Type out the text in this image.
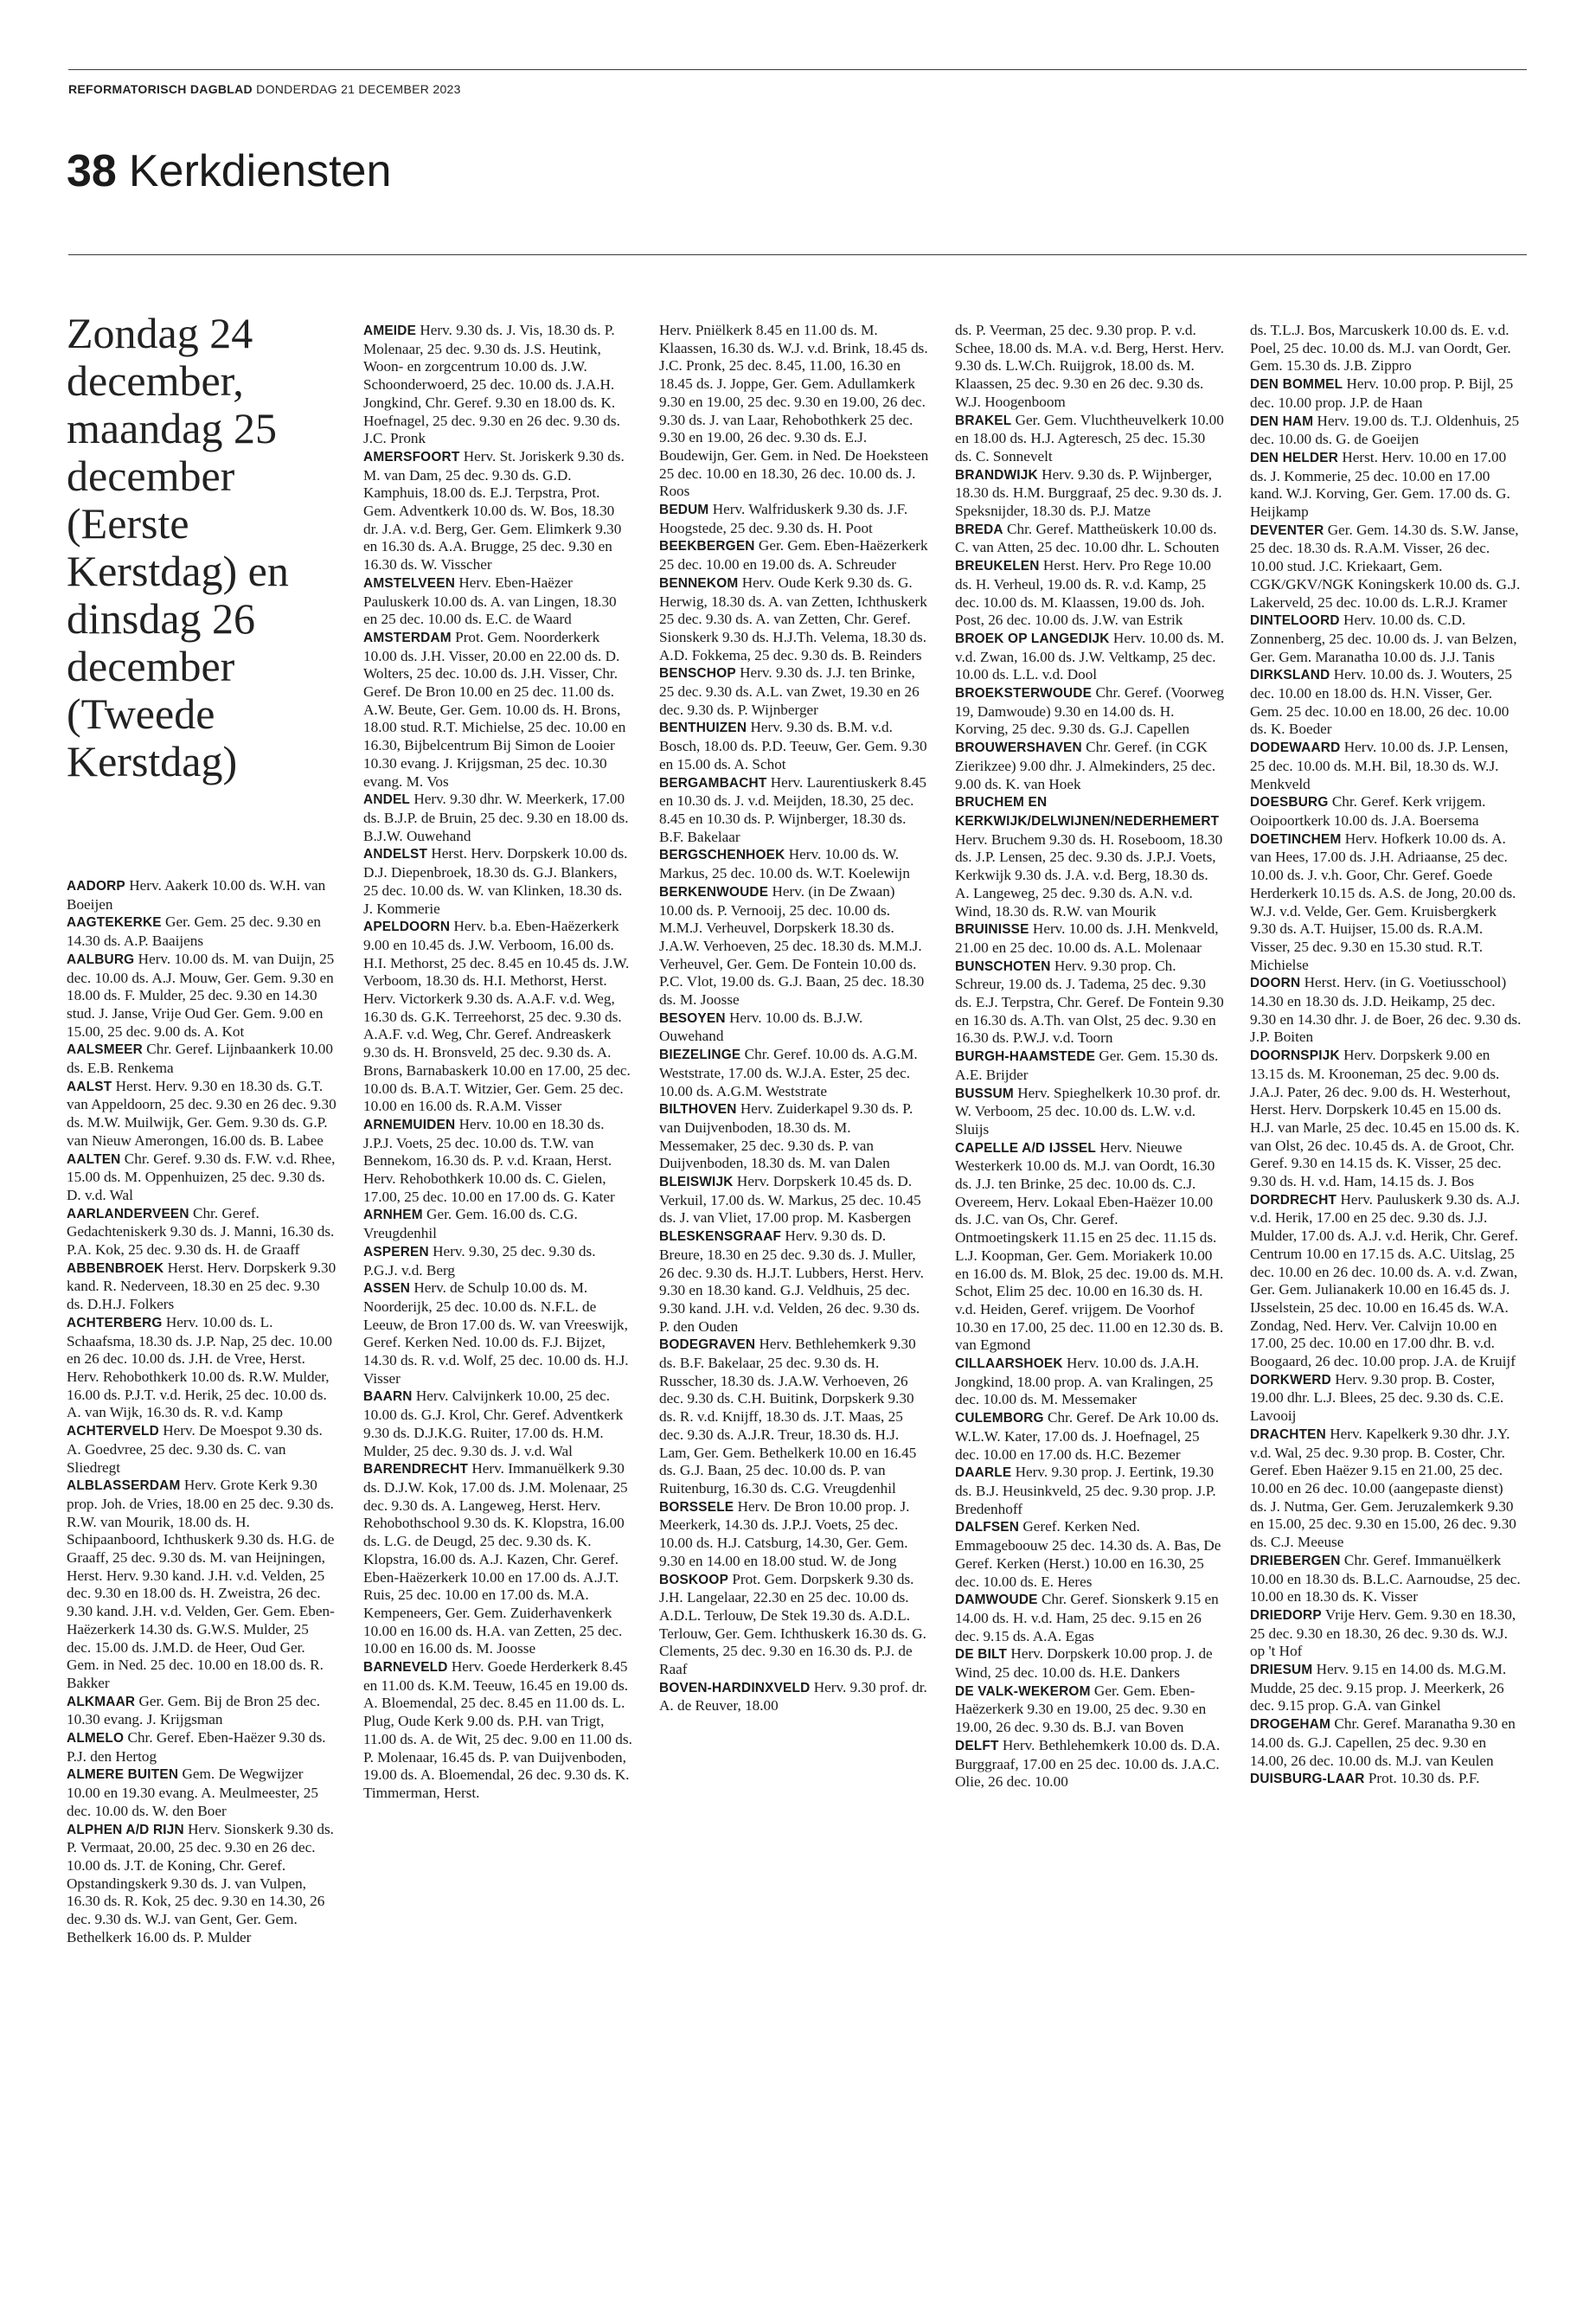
REFORMATORISCH DAGBLAD DONDERDAG 21 DECEMBER 2023
38 Kerkdiensten
Zondag 24 december, maandag 25 december (Eerste Kerstdag) en dinsdag 26 december (Tweede Kerstdag)

AADORP Herv. Aakerk 10.00 ds. W.H. van Boeijen

AAGTEKERKE Ger. Gem. 25 dec. 9.30 en 14.30 ds. A.P. Baaijens

AALBURG Herv. 10.00 ds. M. van Duijn, 25 dec. 10.00 ds. A.J. Mouw, Ger. Gem. 9.30 en 18.00 ds. F. Mulder, 25 dec. 9.30 en 14.30 stud. J. Janse, Vrije Oud Ger. Gem. 9.00 en 15.00, 25 dec. 9.00 ds. A. Kot

AALSMEER Chr. Geref. Lijnbaankerk 10.00 ds. E.B. Renkema

AALST Herst. Herv. 9.30 en 18.30 ds. G.T. van Appeldoorn, 25 dec. 9.30 en 26 dec. 9.30 ds. M.W. Muilwijk, Ger. Gem. 9.30 ds. G.P. van Nieuw Amerongen, 16.00 ds. B. Labee

AALTEN Chr. Geref. 9.30 ds. F.W. v.d. Rhee, 15.00 ds. M. Oppenhuizen, 25 dec. 9.30 ds. D. v.d. Wal

AARLANDERVEEN Chr. Geref. Gedachteniskerk 9.30 ds. J. Manni, 16.30 ds. P.A. Kok, 25 dec. 9.30 ds. H. de Graaff

ABBENBROEK Herst. Herv. Dorpskerk 9.30 kand. R. Nederveen, 18.30 en 25 dec. 9.30 ds. D.H.J. Folkers

ACHTERBERG Herv. 10.00 ds. L. Schaafsma, 18.30 ds. J.P. Nap, 25 dec. 10.00 en 26 dec. 10.00 ds. J.H. de Vree, Herst. Herv. Rehobothkerk 10.00 ds. R.W. Mulder, 16.00 ds. P.J.T. v.d. Herik, 25 dec. 10.00 ds. A. van Wijk, 16.30 ds. R. v.d. Kamp

ACHTERVELD Herv. De Moespot 9.30 ds. A. Goedvree, 25 dec. 9.30 ds. C. van Sliedregt

ALBLASSERDAM Herv. Grote Kerk 9.30 prop. Joh. de Vries, 18.00 en 25 dec. 9.30 ds. R.W. van Mourik, 18.00 ds. H. Schipaanboord, Ichthuskerk 9.30 ds. H.G. de Graaff, 25 dec. 9.30 ds. M. van Heijningen, Herst. Herv. 9.30 kand. J.H. v.d. Velden, 25 dec. 9.30 en 18.00 ds. H. Zweistra, 26 dec. 9.30 kand. J.H. v.d. Velden, Ger. Gem. Eben-Haëzerkerk 14.30 ds. G.W.S. Mulder, 25 dec. 15.00 ds. J.M.D. de Heer, Oud Ger. Gem. in Ned. 25 dec. 10.00 en 18.00 ds. R. Bakker

ALKMAAR Ger. Gem. Bij de Bron 25 dec. 10.30 evang. J. Krijgsman

ALMELO Chr. Geref. Eben-Haëzer 9.30 ds. P.J. den Hertog

ALMERE BUITEN Gem. De Wegwijzer 10.00 en 19.30 evang. A. Meulmeester, 25 dec. 10.00 ds. W. den Boer

ALPHEN A/D RIJN Herv. Sionskerk 9.30 ds. P. Vermaat, 20.00, 25 dec. 9.30 en 26 dec. 10.00 ds. J.T. de Koning, Chr. Geref. Opstandingskerk 9.30 ds. J. van Vulpen, 16.30 ds. R. Kok, 25 dec. 9.30 en 14.30, 26 dec. 9.30 ds. W.J. van Gent, Ger. Gem. Bethelkerk 16.00 ds. P. Mulder

AMEIDE Herv. 9.30 ds. J. Vis, 18.30 ds. P. Molenaar, 25 dec. 9.30 ds. J.S. Heutink, Woon- en zorgcentrum 10.00 ds. J.W. Schoonderwoerd, 25 dec. 10.00 ds. J.A.H. Jongkind, Chr. Geref. 9.30 en 18.00 ds. K. Hoefnagel, 25 dec. 9.30 en 26 dec. 9.30 ds. J.C. Pronk

AMERSFOORT Herv. St. Joriskerk 9.30 ds. M. van Dam, 25 dec. 9.30 ds. G.D. Kamphuis, 18.00 ds. E.J. Terpstra, Prot. Gem. Adventkerk 10.00 ds. W. Bos, 18.30 dr. J.A. v.d. Berg, Ger. Gem. Elimkerk 9.30 en 16.30 ds. A.A. Brugge, 25 dec. 9.30 en 16.30 ds. W. Visscher

AMSTELVEEN Herv. Eben-Haëzer Pauluskerk 10.00 ds. A. van Lingen, 18.30 en 25 dec. 10.00 ds. E.C. de Waard

AMSTERDAM Prot. Gem. Noorderkerk 10.00 ds. J.H. Visser, 20.00 en 22.00 ds. D. Wolters, 25 dec. 10.00 ds. J.H. Visser, Chr. Geref. De Bron 10.00 en 25 dec. 11.00 ds. A.W. Beute, Ger. Gem. 10.00 ds. H. Brons, 18.00 stud. R.T. Michielse, 25 dec. 10.00 en 16.30, Bijbelcentrum Bij Simon de Looier 10.30 evang. J. Krijgsman, 25 dec. 10.30 evang. M. Vos

ANDEL Herv. 9.30 dhr. W. Meerkerk, 17.00 ds. B.J.P. de Bruin, 25 dec. 9.30 en 18.00 ds. B.J.W. Ouwehand

ANDELST Herst. Herv. Dorpskerk 10.00 ds. D.J. Diepenbroek, 18.30 ds. G.J. Blankers, 25 dec. 10.00 ds. W. van Klinken, 18.30 ds. J. Kommerie

APELDOORN Herv. b.a. Eben-Haëzerkerk 9.00 en 10.45 ds. J.W. Verboom, 16.00 ds. H.I. Methorst, 25 dec. 8.45 en 10.45 ds. J.W. Verboom, 18.30 ds. H.I. Methorst, Herst. Herv. Victorkerk 9.30 ds. A.A.F. v.d. Weg, 16.30 ds. G.K. Terreehorst, 25 dec. 9.30 ds. A.A.F. v.d. Weg, Chr. Geref. Andreaskerk 9.30 ds. H. Bronsveld, 25 dec. 9.30 ds. A. Brons, Barnabaskerk 10.00 en 17.00, 25 dec. 10.00 ds. B.A.T. Witzier, Ger. Gem. 25 dec. 10.00 en 16.00 ds. R.A.M. Visser

ARNEMUIDEN Herv. 10.00 en 18.30 ds. J.P.J. Voets, 25 dec. 10.00 ds. T.W. van Bennekom, 16.30 ds. P. v.d. Kraan, Herst. Herv. Rehobothkerk 10.00 ds. C. Gielen, 17.00, 25 dec. 10.00 en 17.00 ds. G. Kater

ARNHEM Ger. Gem. 16.00 ds. C.G. Vreugdenhil

ASPEREN Herv. 9.30, 25 dec. 9.30 ds. P.G.J. v.d. Berg

ASSEN Herv. de Schulp 10.00 ds. M. Noorderijk, 25 dec. 10.00 ds. N.F.L. de Leeuw, de Bron 17.00 ds. W. van Vreeswijk, Geref. Kerken Ned. 10.00 ds. F.J. Bijzet, 14.30 ds. R. v.d. Wolf, 25 dec. 10.00 ds. H.J. Visser

BAARN Herv. Calvijnkerk 10.00, 25 dec. 10.00 ds. G.J. Krol, Chr. Geref. Adventkerk 9.30 ds. D.J.K.G. Ruiter, 17.00 ds. H.M. Mulder, 25 dec. 9.30 ds. J. v.d. Wal

BARENDRECHT Herv. Immanuëlkerk 9.30 ds. D.J.W. Kok, 17.00 ds. J.M. Molenaar, 25 dec. 9.30 ds. A. Langeweg, Herst. Herv. Rehobothschool 9.30 ds. K. Klopstra, 16.00 ds. L.G. de Deugd, 25 dec. 9.30 ds. K. Klopstra, 16.00 ds. A.J. Kazen, Chr. Geref. Eben-Haëzerkerk 10.00 en 17.00 ds. A.J.T. Ruis, 25 dec. 10.00 en 17.00 ds. M.A. Kempeneers, Ger. Gem. Zuiderhavenkerk 10.00 en 16.00 ds. H.A. van Zetten, 25 dec. 10.00 en 16.00 ds. M. Joosse

BARNEVELD Herv. Goede Herderkerk 8.45 en 11.00 ds. K.M. Teeuw, 16.45 en 19.00 ds. A. Bloemendal, 25 dec. 8.45 en 11.00 ds. L. Plug, Oude Kerk 9.00 ds. P.H. van Trigt, 11.00 ds. A. de Wit, 25 dec. 9.00 en 11.00 ds. P. Molenaar, 16.45 ds. P. van Duijvenboden, 19.00 ds. A. Bloemendal, 26 dec. 9.30 ds. K. Timmerman, Herst.

Herv. Pniëlkerk 8.45 en 11.00 ds. M. Klaassen, 16.30 ds. W.J. v.d. Brink, 18.45 ds. J.C. Pronk, 25 dec. 8.45, 11.00, 16.30 en 18.45 ds. J. Joppe, Ger. Gem. Adullamkerk 9.30 en 19.00, 25 dec. 9.30 en 19.00, 26 dec. 9.30 ds. J. van Laar, Rehobothkerk 25 dec. 9.30 en 19.00, 26 dec. 9.30 ds. E.J. Boudewijn, Ger. Gem. in Ned. De Hoeksteen 25 dec. 10.00 en 18.30, 26 dec. 10.00 ds. J. Roos

BEDUM Herv. Walfriduskerk 9.30 ds. J.F. Hoogstede, 25 dec. 9.30 ds. H. Poot

BEEKBERGEN Ger. Gem. Eben-Haëzerkerk 25 dec. 10.00 en 19.00 ds. A. Schreuder

BENNEKOM Herv. Oude Kerk 9.30 ds. G. Herwig, 18.30 ds. A. van Zetten, Ichthuskerk 25 dec. 9.30 ds. A. van Zetten, Chr. Geref. Sionskerk 9.30 ds. H.J.Th. Velema, 18.30 ds. A.D. Fokkema, 25 dec. 9.30 ds. B. Reinders

BENSCHOP Herv. 9.30 ds. J.J. ten Brinke, 25 dec. 9.30 ds. A.L. van Zwet, 19.30 en 26 dec. 9.30 ds. P. Wijnberger

BENTHUIZEN Herv. 9.30 ds. B.M. v.d. Bosch, 18.00 ds. P.D. Teeuw, Ger. Gem. 9.30 en 15.00 ds. A. Schot

BERGAMBACHT Herv. Laurentiuskerk 8.45 en 10.30 ds. J. v.d. Meijden, 18.30, 25 dec. 8.45 en 10.30 ds. P. Wijnberger, 18.30 ds. B.F. Bakelaar

BERGSCHENHOEK Herv. 10.00 ds. W. Markus, 25 dec. 10.00 ds. W.T. Koelewijn

BERKENWOUDE Herv. (in De Zwaan) 10.00 ds. P. Vernooij, 25 dec. 10.00 ds. M.M.J. Verheuvel, Dorpskerk 18.30 ds. J.A.W. Verhoeven, 25 dec. 18.30 ds. M.M.J. Verheuvel, Ger. Gem. De Fontein 10.00 ds. P.C. Vlot, 19.00 ds. G.J. Baan, 25 dec. 18.30 ds. M. Joosse

BESOYEN Herv. 10.00 ds. B.J.W. Ouwehand

BIEZELINGE Chr. Geref. 10.00 ds. A.G.M. Weststrate, 17.00 ds. W.J.A. Ester, 25 dec. 10.00 ds. A.G.M. Weststrate

BILTHOVEN Herv. Zuiderkapel 9.30 ds. P. van Duijvenboden, 18.30 ds. M. Messemaker, 25 dec. 9.30 ds. P. van Duijvenboden, 18.30 ds. M. van Dalen

BLEISWIJK Herv. Dorpskerk 10.45 ds. D. Verkuil, 17.00 ds. W. Markus, 25 dec. 10.45 ds. J. van Vliet, 17.00 prop. M. Kasbergen

BLESKENSGRAAF Herv. 9.30 ds. D. Breure, 18.30 en 25 dec. 9.30 ds. J. Muller, 26 dec. 9.30 ds. H.J.T. Lubbers, Herst. Herv. 9.30 en 18.30 kand. G.J. Veldhuis, 25 dec. 9.30 kand. J.H. v.d. Velden, 26 dec. 9.30 ds. P. den Ouden

BODEGRAVEN Herv. Bethlehemkerk 9.30 ds. B.F. Bakelaar, 25 dec. 9.30 ds. H. Russcher, 18.30 ds. J.A.W. Verhoeven, 26 dec. 9.30 ds. C.H. Buitink, Dorpskerk 9.30 ds. R. v.d. Knijff, 18.30 ds. J.T. Maas, 25 dec. 9.30 ds. A.J.R. Treur, 18.30 ds. H.J. Lam, Ger. Gem. Bethelkerk 10.00 en 16.45 ds. G.J. Baan, 25 dec. 10.00 ds. P. van Ruitenburg, 16.30 ds. C.G. Vreugdenhil

BORSSELE Herv. De Bron 10.00 prop. J. Meerkerk, 14.30 ds. J.P.J. Voets, 25 dec. 10.00 ds. H.J. Catsburg, 14.30, Ger. Gem. 9.30 en 14.00 en 18.00 stud. W. de Jong

BOSKOOP Prot. Gem. Dorpskerk 9.30 ds. J.H. Langelaar, 22.30 en 25 dec. 10.00 ds. A.D.L. Terlouw, De Stek 19.30 ds. A.D.L. Terlouw, Ger. Gem. Ichthuskerk 16.30 ds. G. Clements, 25 dec. 9.30 en 16.30 ds. P.J. de Raaf

BOVEN-HARDINXVELD Herv. 9.30 prof. dr. A. de Reuver, 18.00

ds. P. Veerman, 25 dec. 9.30 prop. P. v.d. Schee, 18.00 ds. M.A. v.d. Berg, Herst. Herv. 9.30 ds. L.W.Ch. Ruijgrok, 18.00 ds. M. Klaassen, 25 dec. 9.30 en 26 dec. 9.30 ds. W.J. Hoogenboom

BRAKEL Ger. Gem. Vluchtheuvelkerk 10.00 en 18.00 ds. H.J. Agteresch, 25 dec. 15.30 ds. C. Sonnevelt

BRANDWIJK Herv. 9.30 ds. P. Wijnberger, 18.30 ds. H.M. Burggraaf, 25 dec. 9.30 ds. J. Speksnijder, 18.30 ds. P.J. Matze

BREDA Chr. Geref. Mattheüskerk 10.00 ds. C. van Atten, 25 dec. 10.00 dhr. L. Schouten

BREUKELEN Herst. Herv. Pro Rege 10.00 ds. H. Verheul, 19.00 ds. R. v.d. Kamp, 25 dec. 10.00 ds. M. Klaassen, 19.00 ds. Joh. Post, 26 dec. 10.00 ds. J.W. van Estrik

BROEK OP LANGEDIJK Herv. 10.00 ds. M. v.d. Zwan, 16.00 ds. J.W. Veltkamp, 25 dec. 10.00 ds. L.L. v.d. Dool

BROEKSTERWOUDE Chr. Geref. (Voorweg 19, Damwoude) 9.30 en 14.00 ds. H. Korving, 25 dec. 9.30 ds. G.J. Capellen

BROUWERSHAVEN Chr. Geref. (in CGK Zierikzee) 9.00 dhr. J. Almekinders, 25 dec. 9.00 ds. K. van Hoek

BRUCHEM EN KERKWIJK/DELWIJNEN/NEDERHEMERT Herv. Bruchem 9.30 ds. H. Roseboom, 18.30 ds. J.P. Lensen, 25 dec. 9.30 ds. J.P.J. Voets, Kerkwijk 9.30 ds. J.A. v.d. Berg, 18.30 ds. A. Langeweg, 25 dec. 9.30 ds. A.N. v.d. Wind, 18.30 ds. R.W. van Mourik

BRUINISSE Herv. 10.00 ds. J.H. Menkveld, 21.00 en 25 dec. 10.00 ds. A.L. Molenaar

BUNSCHOTEN Herv. 9.30 prop. Ch. Schreur, 19.00 ds. J. Tadema, 25 dec. 9.30 ds. E.J. Terpstra, Chr. Geref. De Fontein 9.30 en 16.30 ds. A.Th. van Olst, 25 dec. 9.30 en 16.30 ds. P.W.J. v.d. Toorn

BURGH-HAAMSTEDE Ger. Gem. 15.30 ds. A.E. Brijder

BUSSUM Herv. Spieghelkerk 10.30 prof. dr. W. Verboom, 25 dec. 10.00 ds. L.W. v.d. Sluijs

CAPELLE A/D IJSSEL Herv. Nieuwe Westerkerk 10.00 ds. M.J. van Oordt, 16.30 ds. J.J. ten Brinke, 25 dec. 10.00 ds. C.J. Overeem, Herv. Lokaal Eben-Haëzer 10.00 ds. J.C. van Os, Chr. Geref. Ontmoetingskerk 11.15 en 25 dec. 11.15 ds. L.J. Koopman, Ger. Gem. Moriakerk 10.00 en 16.00 ds. M. Blok, 25 dec. 19.00 ds. M.H. Schot, Elim 25 dec. 10.00 en 16.30 ds. H. v.d. Heiden, Geref. vrijgem. De Voorhof 10.30 en 17.00, 25 dec. 11.00 en 12.30 ds. B. van Egmond

CILLAARSHOEK Herv. 10.00 ds. J.A.H. Jongkind, 18.00 prop. A. van Kralingen, 25 dec. 10.00 ds. M. Messemaker

CULEMBORG Chr. Geref. De Ark 10.00 ds. W.L.W. Kater, 17.00 ds. J. Hoefnagel, 25 dec. 10.00 en 17.00 ds. H.C. Bezemer

DAARLE Herv. 9.30 prop. J. Eertink, 19.30 ds. B.J. Heusinkveld, 25 dec. 9.30 prop. J.P. Bredenhoff

DALFSEN Geref. Kerken Ned. Emmageboouw 25 dec. 14.30 ds. A. Bas, De Geref. Kerken (Herst.) 10.00 en 16.30, 25 dec. 10.00 ds. E. Heres

DAMWOUDE Chr. Geref. Sionskerk 9.15 en 14.00 ds. H. v.d. Ham, 25 dec. 9.15 en 26 dec. 9.15 ds. A.A. Egas

DE BILT Herv. Dorpskerk 10.00 prop. J. de Wind, 25 dec. 10.00 ds. H.E. Dankers

DE VALK-WEKEROM Ger. Gem. Eben-Haëzerkerk 9.30 en 19.00, 25 dec. 9.30 en 19.00, 26 dec. 9.30 ds. B.J. van Boven

DELFT Herv. Bethlehemkerk 10.00 ds. D.A. Burggraaf, 17.00 en 25 dec. 10.00 ds. J.A.C. Olie, 26 dec. 10.00

ds. T.L.J. Bos, Marcuskerk 10.00 ds. E. v.d. Poel, 25 dec. 10.00 ds. M.J. van Oordt, Ger. Gem. 15.30 ds. J.B. Zippro

DEN BOMMEL Herv. 10.00 prop. P. Bijl, 25 dec. 10.00 prop. J.P. de Haan

DEN HAM Herv. 19.00 ds. T.J. Oldenhuis, 25 dec. 10.00 ds. G. de Goeijen

DEN HELDER Herst. Herv. 10.00 en 17.00 ds. J. Kommerie, 25 dec. 10.00 en 17.00 kand. W.J. Korving, Ger. Gem. 17.00 ds. G. Heijkamp

DEVENTER Ger. Gem. 14.30 ds. S.W. Janse, 25 dec. 18.30 ds. R.A.M. Visser, 26 dec. 10.00 stud. J.C. Kriekaart, Gem. CGK/GKV/NGK Koningskerk 10.00 ds. G.J. Lakerveld, 25 dec. 10.00 ds. L.R.J. Kramer

DINTELOORD Herv. 10.00 ds. C.D. Zonnenberg, 25 dec. 10.00 ds. J. van Belzen, Ger. Gem. Maranatha 10.00 ds. J.J. Tanis

DIRKSLAND Herv. 10.00 ds. J. Wouters, 25 dec. 10.00 en 18.00 ds. H.N. Visser, Ger. Gem. 25 dec. 10.00 en 18.00, 26 dec. 10.00 ds. K. Boeder

DODEWAARD Herv. 10.00 ds. J.P. Lensen, 25 dec. 10.00 ds. M.H. Bil, 18.30 ds. W.J. Menkveld

DOESBURG Chr. Geref. Kerk vrijgem. Ooipoortkerk 10.00 ds. J.A. Boersema

DOETINCHEM Herv. Hofkerk 10.00 ds. A. van Hees, 17.00 ds. J.H. Adriaanse, 25 dec. 10.00 ds. J. v.h. Goor, Chr. Geref. Goede Herderkerk 10.15 ds. A.S. de Jong, 20.00 ds. W.J. v.d. Velde, Ger. Gem. Kruisbergkerk 9.30 ds. A.T. Huijser, 15.00 ds. R.A.M. Visser, 25 dec. 9.30 en 15.30 stud. R.T. Michielse

DOORN Herst. Herv. (in G. Voetiusschool) 14.30 en 18.30 ds. J.D. Heikamp, 25 dec. 9.30 en 14.30 dhr. J. de Boer, 26 dec. 9.30 ds. J.P. Boiten

DOORNSPIJK Herv. Dorpskerk 9.00 en 13.15 ds. M. Krooneman, 25 dec. 9.00 ds. J.A.J. Pater, 26 dec. 9.00 ds. H. Westerhout, Herst. Herv. Dorpskerk 10.45 en 15.00 ds. H.J. van Marle, 25 dec. 10.45 en 15.00 ds. K. van Olst, 26 dec. 10.45 ds. A. de Groot, Chr. Geref. 9.30 en 14.15 ds. K. Visser, 25 dec. 9.30 ds. H. v.d. Ham, 14.15 ds. J. Bos

DORDRECHT Herv. Pauluskerk 9.30 ds. A.J. v.d. Herik, 17.00 en 25 dec. 9.30 ds. J.J. Mulder, 17.00 ds. A.J. v.d. Herik, Chr. Geref. Centrum 10.00 en 17.15 ds. A.C. Uitslag, 25 dec. 10.00 en 26 dec. 10.00 ds. A. v.d. Zwan, Ger. Gem. Julianakerk 10.00 en 16.45 ds. J. IJsselstein, 25 dec. 10.00 en 16.45 ds. W.A. Zondag, Ned. Herv. Ver. Calvijn 10.00 en 17.00, 25 dec. 10.00 en 17.00 dhr. B. v.d. Boogaard, 26 dec. 10.00 prop. J.A. de Kruijf

DORKWERD Herv. 9.30 prop. B. Coster, 19.00 dhr. L.J. Blees, 25 dec. 9.30 ds. C.E. Lavooij

DRACHTEN Herv. Kapelkerk 9.30 dhr. J.Y. v.d. Wal, 25 dec. 9.30 prop. B. Coster, Chr. Geref. Eben Haëzer 9.15 en 21.00, 25 dec. 10.00 en 26 dec. 10.00 (aangepaste dienst) ds. J. Nutma, Ger. Gem. Jeruzalemkerk 9.30 en 15.00, 25 dec. 9.30 en 15.00, 26 dec. 9.30 ds. C.J. Meeuse

DRIEBERGEN Chr. Geref. Immanuëlkerk 10.00 en 18.30 ds. B.L.C. Aarnoudse, 25 dec. 10.00 en 18.30 ds. K. Visser

DRIEDORP Vrije Herv. Gem. 9.30 en 18.30, 25 dec. 9.30 en 18.30, 26 dec. 9.30 ds. W.J. op 't Hof

DRIESUM Herv. 9.15 en 14.00 ds. M.G.M. Mudde, 25 dec. 9.15 prop. J. Meerkerk, 26 dec. 9.15 prop. G.A. van Ginkel

DROGEHAM Chr. Geref. Maranatha 9.30 en 14.00 ds. G.J. Capellen, 25 dec. 9.30 en 14.00, 26 dec. 10.00 ds. M.J. van Keulen

DUISBURG-LAAR Prot. 10.30 ds. P.F.
